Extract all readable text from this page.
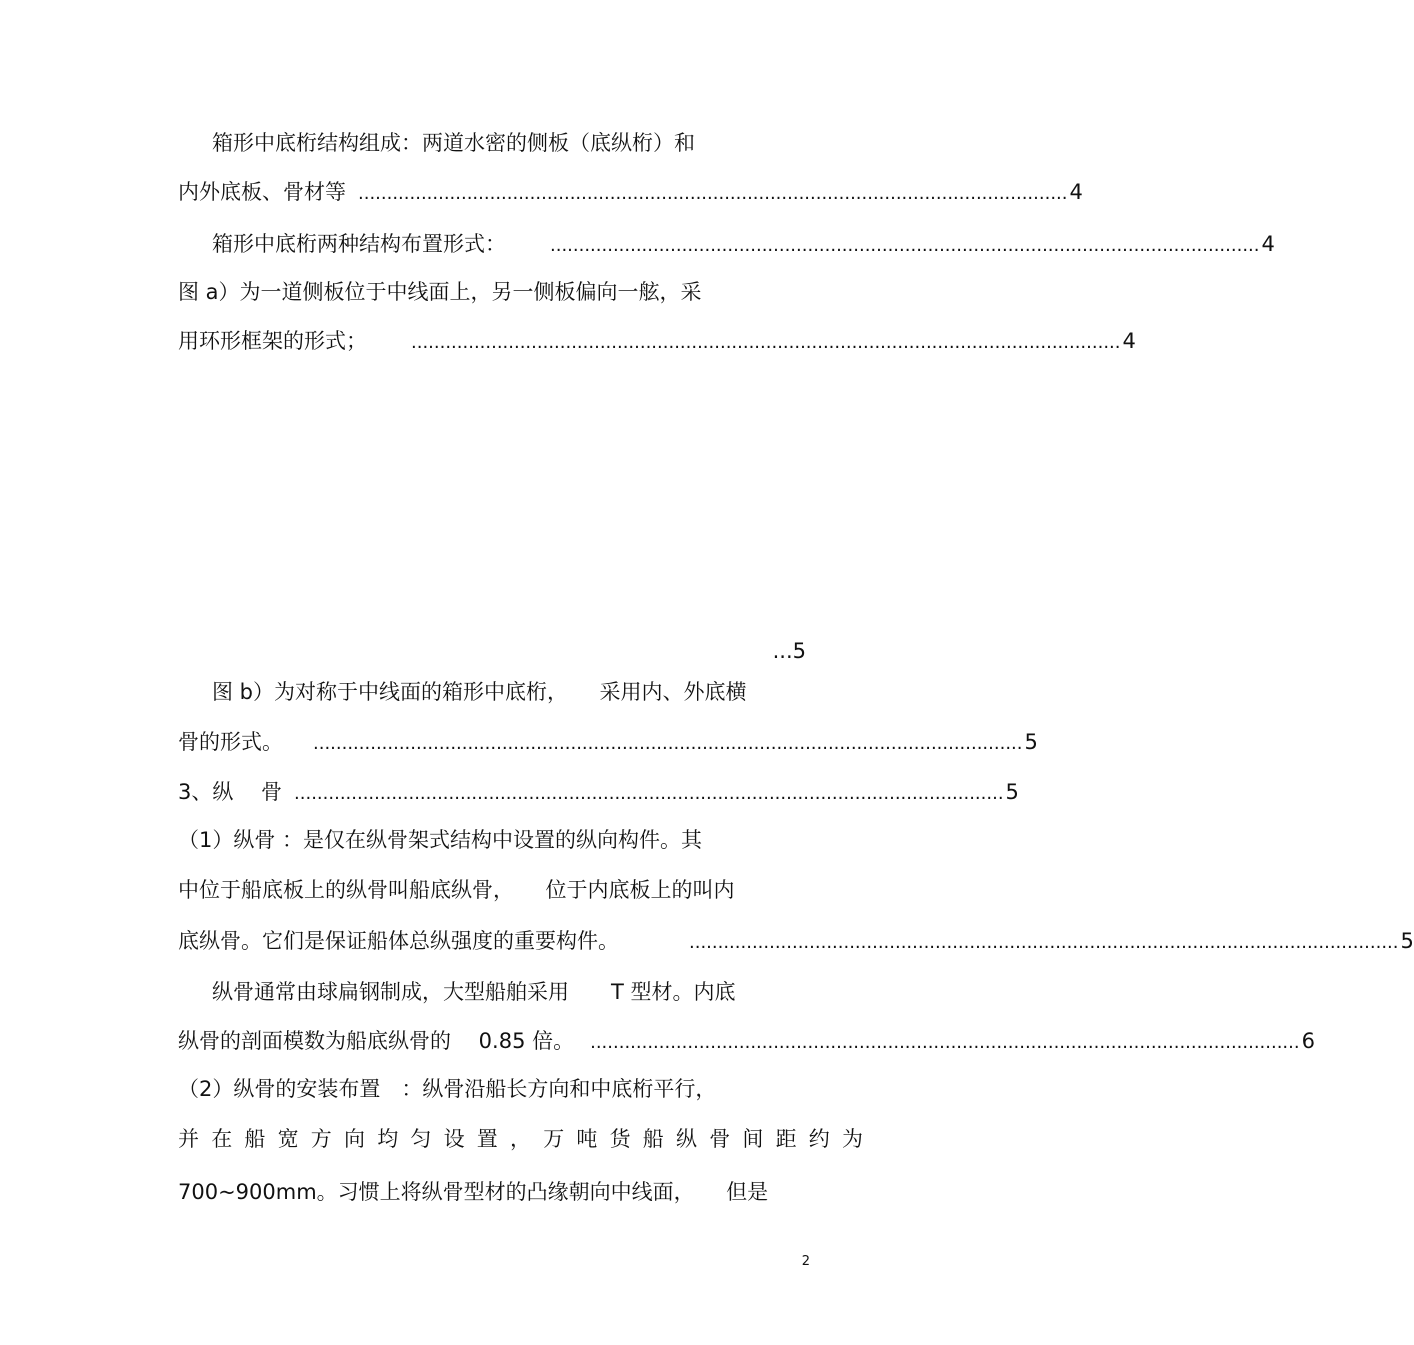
箱形中底桁结构组成：两道水密的侧板（底纵桁）和
内外底板、骨材等 ............................................................................................................................ 4
箱形中底桁两种结构布置形式： ............................................................................................................................ 4
图 a）为一道侧板位于中线面上，另一侧板偏向一舷，采
用环形框架的形式； ............................................................................................................................ 4
...5
图 b）为对称于中线面的箱形中底桁，　　采用内、外底横
骨的形式。 ............................................................................................................................ 5
3、纵　 骨 ............................................................................................................................ 5
（1）纵骨 ：是仅在纵骨架式结构中设置的纵向构件。其
中位于船底板上的纵骨叫船底纵骨，　　位于内底板上的叫内
底纵骨。它们是保证船体总纵强度的重要构件。	............................................................................................................................ 5
纵骨通常由球扁钢制成，大型船舶采用　　T 型材。内底
纵骨的剖面模数为船底纵骨的　 0.85 倍。 ............................................................................................................................ 6
（2）纵骨的安装布置　：纵骨沿船长方向和中底桁平行，
并在船宽方向均匀设置，万吨货船纵骨间距约为
700~900mm。习惯上将纵骨型材的凸缘朝向中线面，　　但是
2
